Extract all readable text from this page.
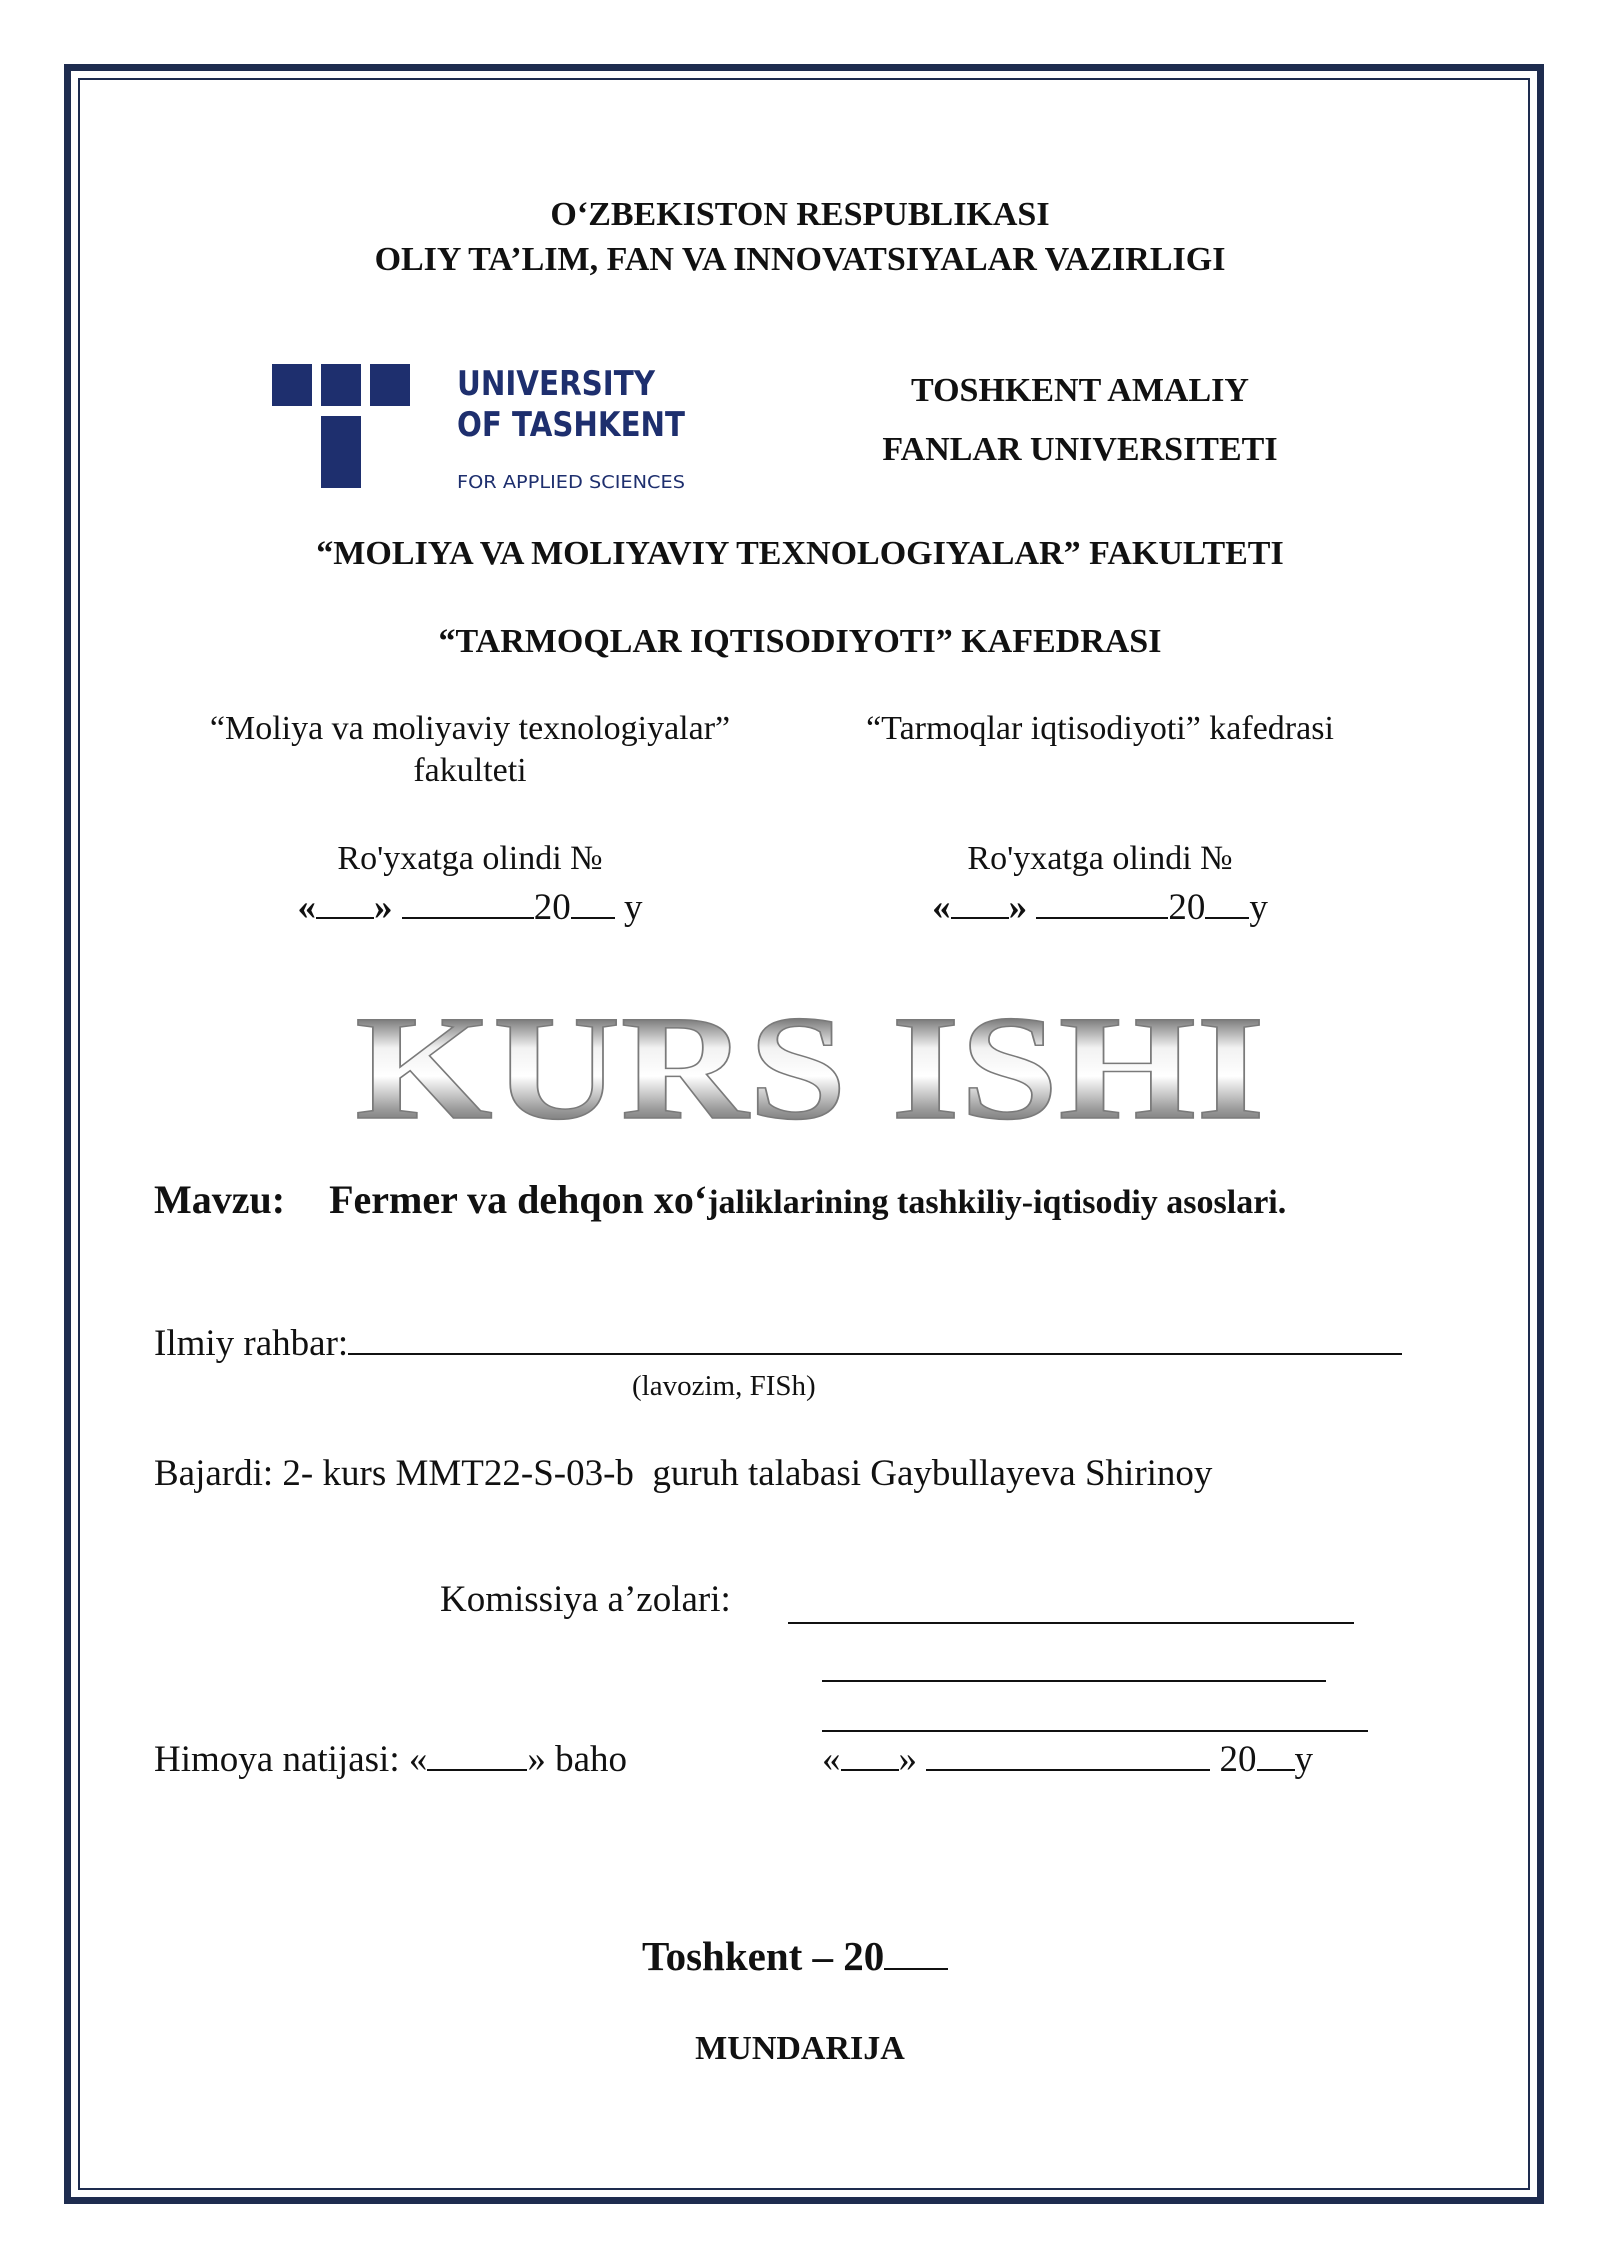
O‘ZBEKISTON RESPUBLIKASI
OLIY TA’LIM, FAN VA INNOVATSIYALAR VAZIRLIGI
UNIVERSITY
OF TASHKENT
FOR APPLIED SCIENCES
TOSHKENT AMALIY
FANLAR UNIVERSITETI
“MOLIYA VA MOLIYAVIY TEXNOLOGIYALAR” FAKULTETI
“TARMOQLAR IQTISODIYOTI” KAFEDRASI
“Moliya va moliyaviy texnologiyalar”
fakulteti
Ro'yxatga olindi №
« »	20 y
“Tarmoqlar iqtisodiyoti” kafedrasi
Ro'yxatga olindi №
« »	20 y
KURS ISHI
Mavzu: Fermer va dehqon xo‘jaliklarining tashkiliy-iqtisodiy asoslari.
Ilmiy rahbar:
(lavozim, FISh)
Bajardi: 2- kurs MMT22-S-03-b  guruh talabasi Gaybullayeva Shirinoy
Komissiya a’zolari:
Himoya natijasi: «	» baho	« »	20 y
Toshkent – 20
MUNDARIJA
